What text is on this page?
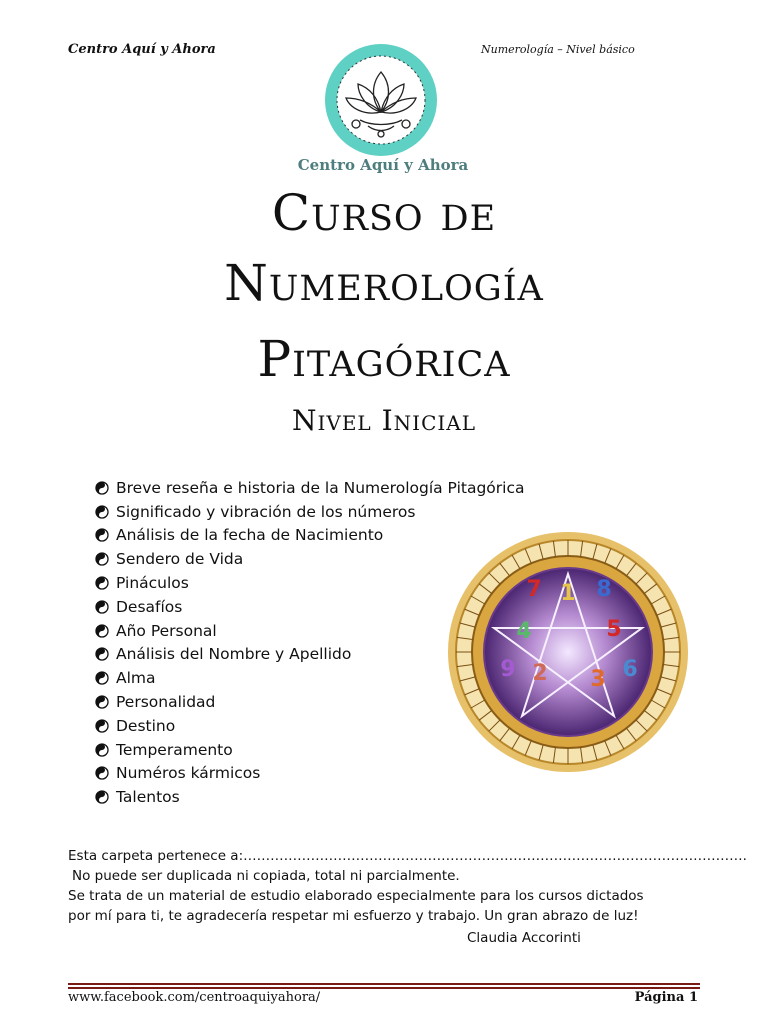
Centro Aquí y Ahora	Numerología – Nivel básico
Centro Aquí y Ahora
Curso de
Numerología
Pitagórica
Nivel Inicial
Breve reseña e historia de la Numerología Pitagórica
Significado y vibración de los números
Análisis de la fecha de Nacimiento
Sendero de Vida
Pináculos
Desafíos
Año Personal
Análisis del Nombre y Apellido
Alma
Personalidad
Destino
Temperamento
Numéros kármicos
Talentos
1
2 3
4	5
6
7 8
9
Esta carpeta pertenece a:………………………………………………………………………………………………….
No puede ser duplicada ni copiada, total ni parcialmente.
Se trata de un material de estudio elaborado especialmente para los cursos dictados
por mí para ti, te agradecería respetar mi esfuerzo y trabajo. Un gran abrazo de luz!
Claudia Accorinti
www.facebook.com/centroaquiyahora/	Página 1
